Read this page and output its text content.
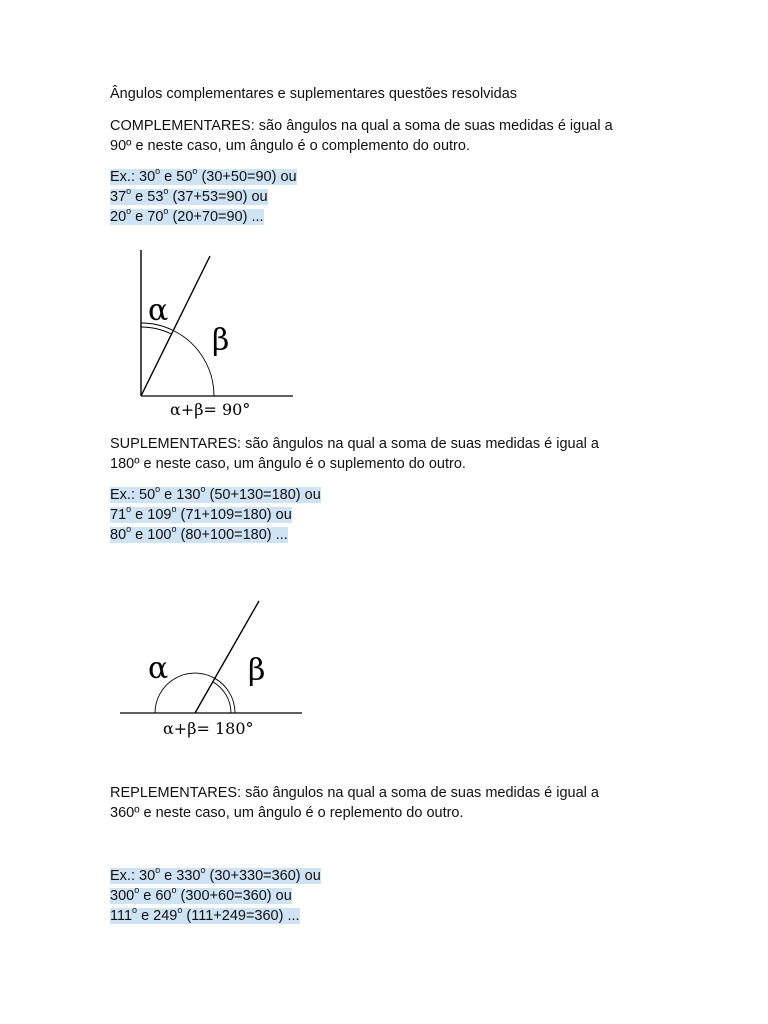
Ângulos complementares e suplementares questões resolvidas
COMPLEMENTARES: são ângulos na qual a soma de suas medidas é igual a
90º e neste caso, um ângulo é o complemento do outro.
Ex.: 30$^o$ e 50$^o$ (30+50=90) ou
37$^o$ e 53$^o$ (37+53=90) ou
20$^o$ e 70$^o$ (20+70=90) ...
α
β
α+β= 90°
SUPLEMENTARES: são ângulos na qual a soma de suas medidas é igual a
180º e neste caso, um ângulo é o suplemento do outro.
Ex.: 50$^o$ e 130$^o$ (50+130=180) ou
71$^o$ e 109$^o$ (71+109=180) ou
80$^o$ e 100$^o$ (80+100=180) ...
α	β
α+β= 180°
REPLEMENTARES: são ângulos na qual a soma de suas medidas é igual a
360º e neste caso, um ângulo é o replemento do outro.
Ex.: 30$^o$ e 330$^o$ (30+330=360) ou
300$^o$ e 60$^o$ (300+60=360) ou
111$^o$ e 249$^o$ (111+249=360) ...
